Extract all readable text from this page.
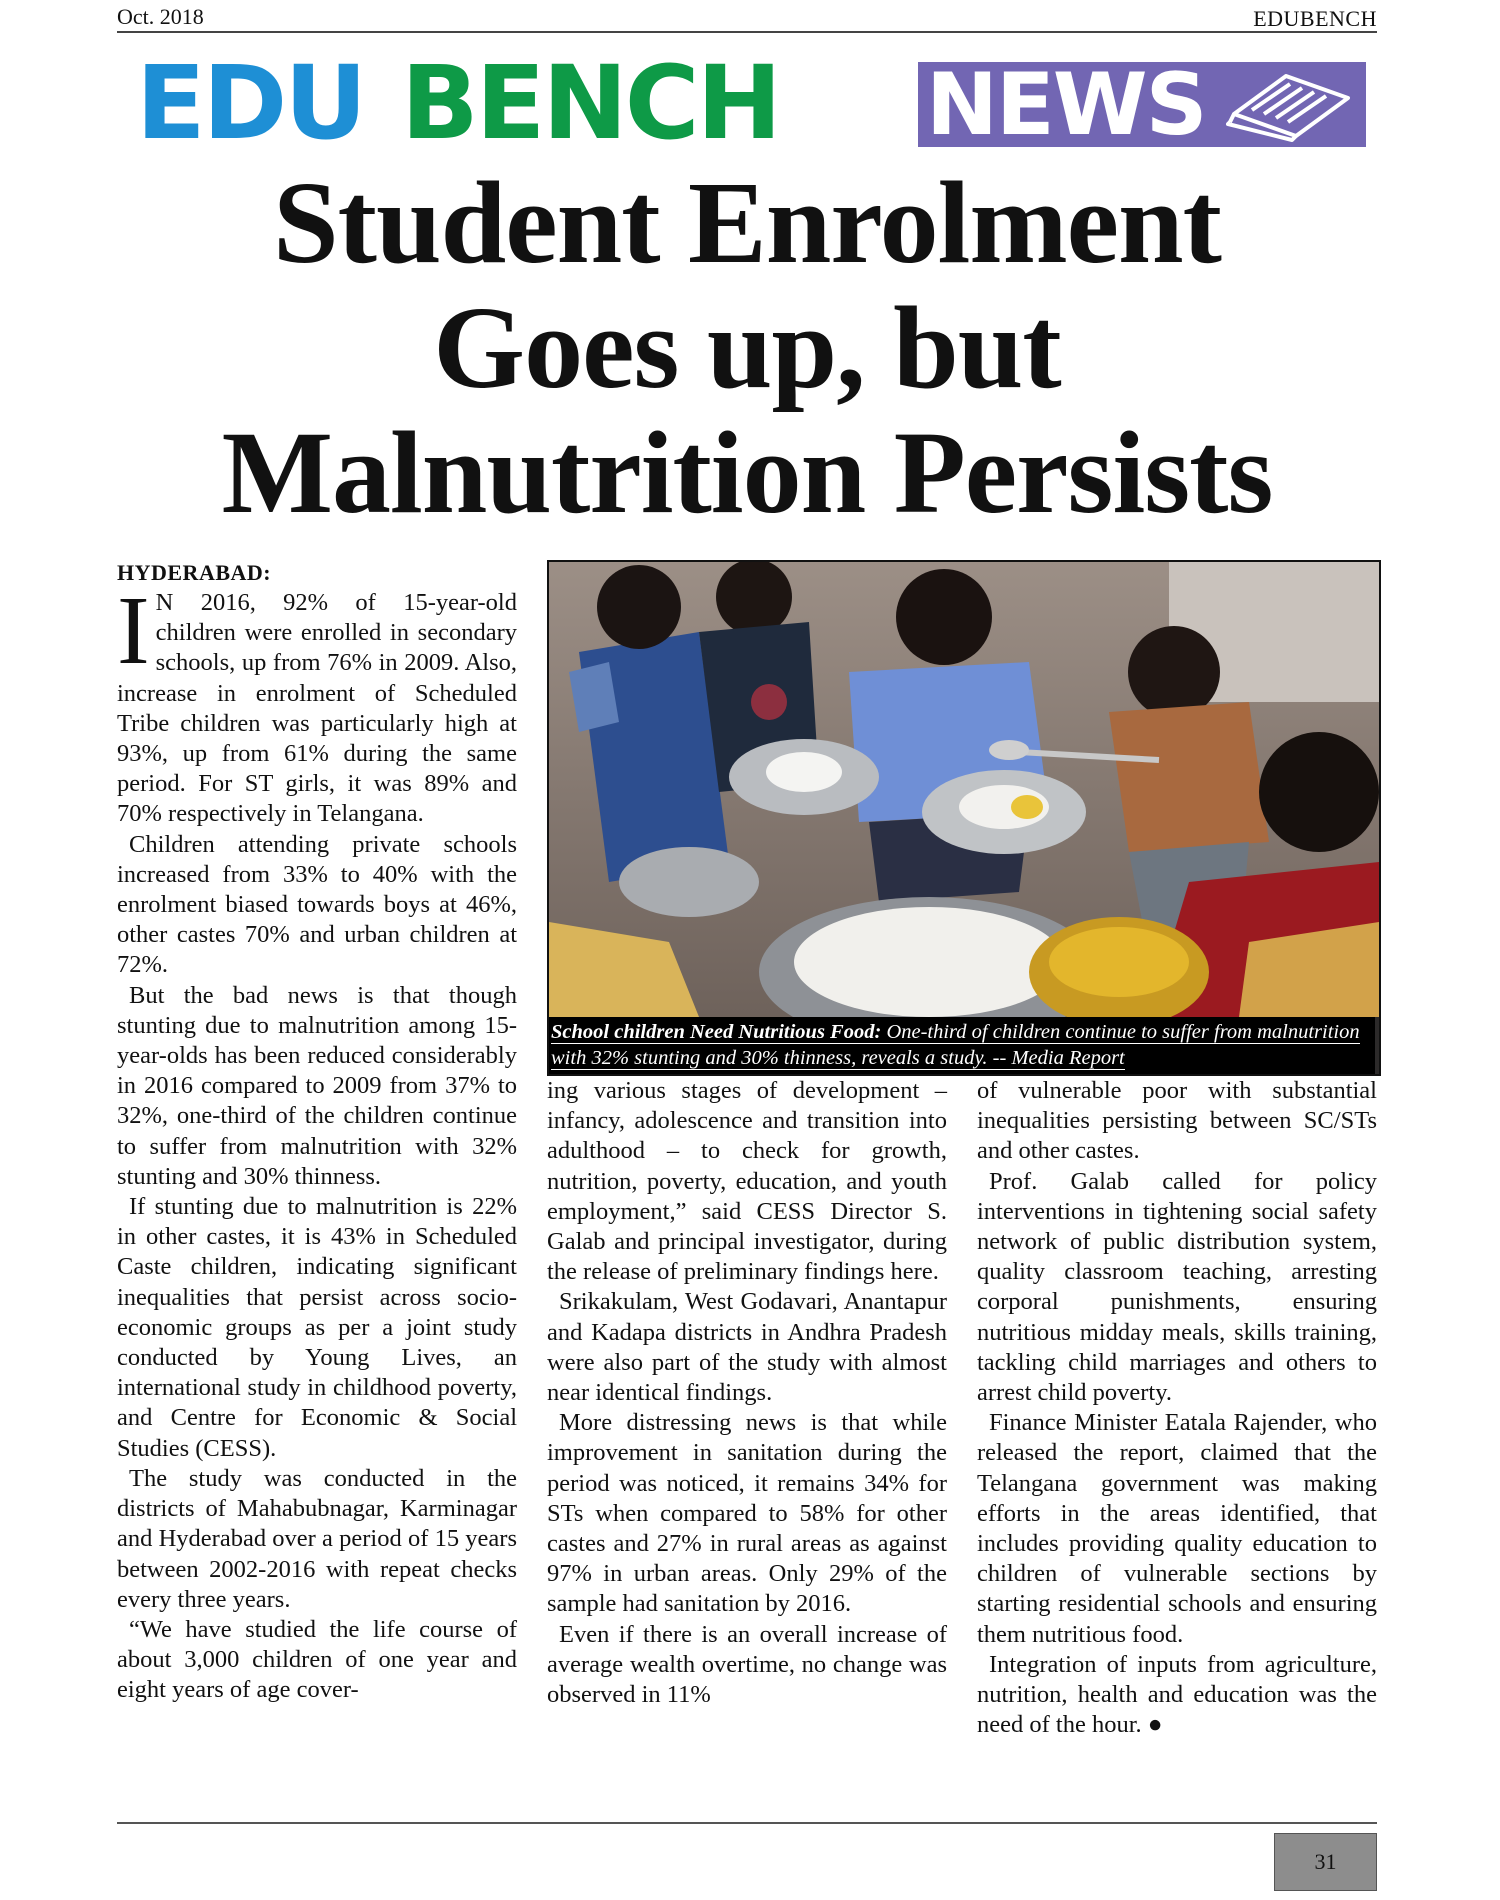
Oct. 2018	EDUBENCH
EDU BENCH NEWS
Student Enrolment
Goes up, but
Malnutrition Persists
HYDERABAD:

I N 2016, 92% of 15-year-old children were enrolled in secondary schools, up from 76% in 2009. Also, increase in enrolment of Scheduled Tribe children was particularly high at 93%, up from 61% during the same period. For ST girls, it was 89% and 70% respectively in Telangana.

Children attending private schools increased from 33% to 40% with the enrolment biased towards boys at 46%, other castes 70% and urban children at 72%.

But the bad news is that though stunting due to malnutrition among 15-year-olds has been reduced considerably in 2016 compared to 2009 from 37% to 32%, one-third of the children continue to suffer from malnutrition with 32% stunting and 30% thinness.

If stunting due to malnutrition is 22% in other castes, it is 43% in Scheduled Caste children, indicating significant inequalities that persist across socio-economic groups as per a joint study conducted by Young Lives, an international study in childhood poverty, and Centre for Economic & Social Studies (CESS).

The study was conducted in the districts of Mahabubnagar, Karminagar and Hyderabad over a period of 15 years between 2002-2016 with repeat checks every three years.

“We have studied the life course of about 3,000 children of one year and eight years of age cover-

School children Need Nutritious Food: One-third of children continue to suffer from malnutrition with 32% stunting and 30% thinness, reveals a study. -- Media Report

ing various stages of development – infancy, adolescence and transition into adulthood – to check for growth, nutrition, poverty, education, and youth employment,” said CESS Director S. Galab and principal investigator, during the release of preliminary findings here.

Srikakulam, West Godavari, Anantapur and Kadapa districts in Andhra Pradesh were also part of the study with almost near identical findings.

More distressing news is that while improvement in sanitation during the period was noticed, it remains 34% for STs when compared to 58% for other castes and 27% in rural areas as against 97% in urban areas. Only 29% of the sample had sanitation by 2016.

Even if there is an overall increase of average wealth overtime, no change was observed in 11%

of vulnerable poor with substantial inequalities persisting between SC/STs and other castes.

Prof. Galab called for policy interventions in tightening social safety network of public distribution system, quality classroom teaching, arresting corporal punishments, ensuring nutritious midday meals, skills training, tackling child marriages and others to arrest child poverty.

Finance Minister Eatala Rajender, who released the report, claimed that the Telangana government was making efforts in the areas identified, that includes providing quality education to children of vulnerable sections by starting residential schools and ensuring them nutritious food.

Integration of inputs from agriculture, nutrition, health and education was the need of the hour. ●

31
